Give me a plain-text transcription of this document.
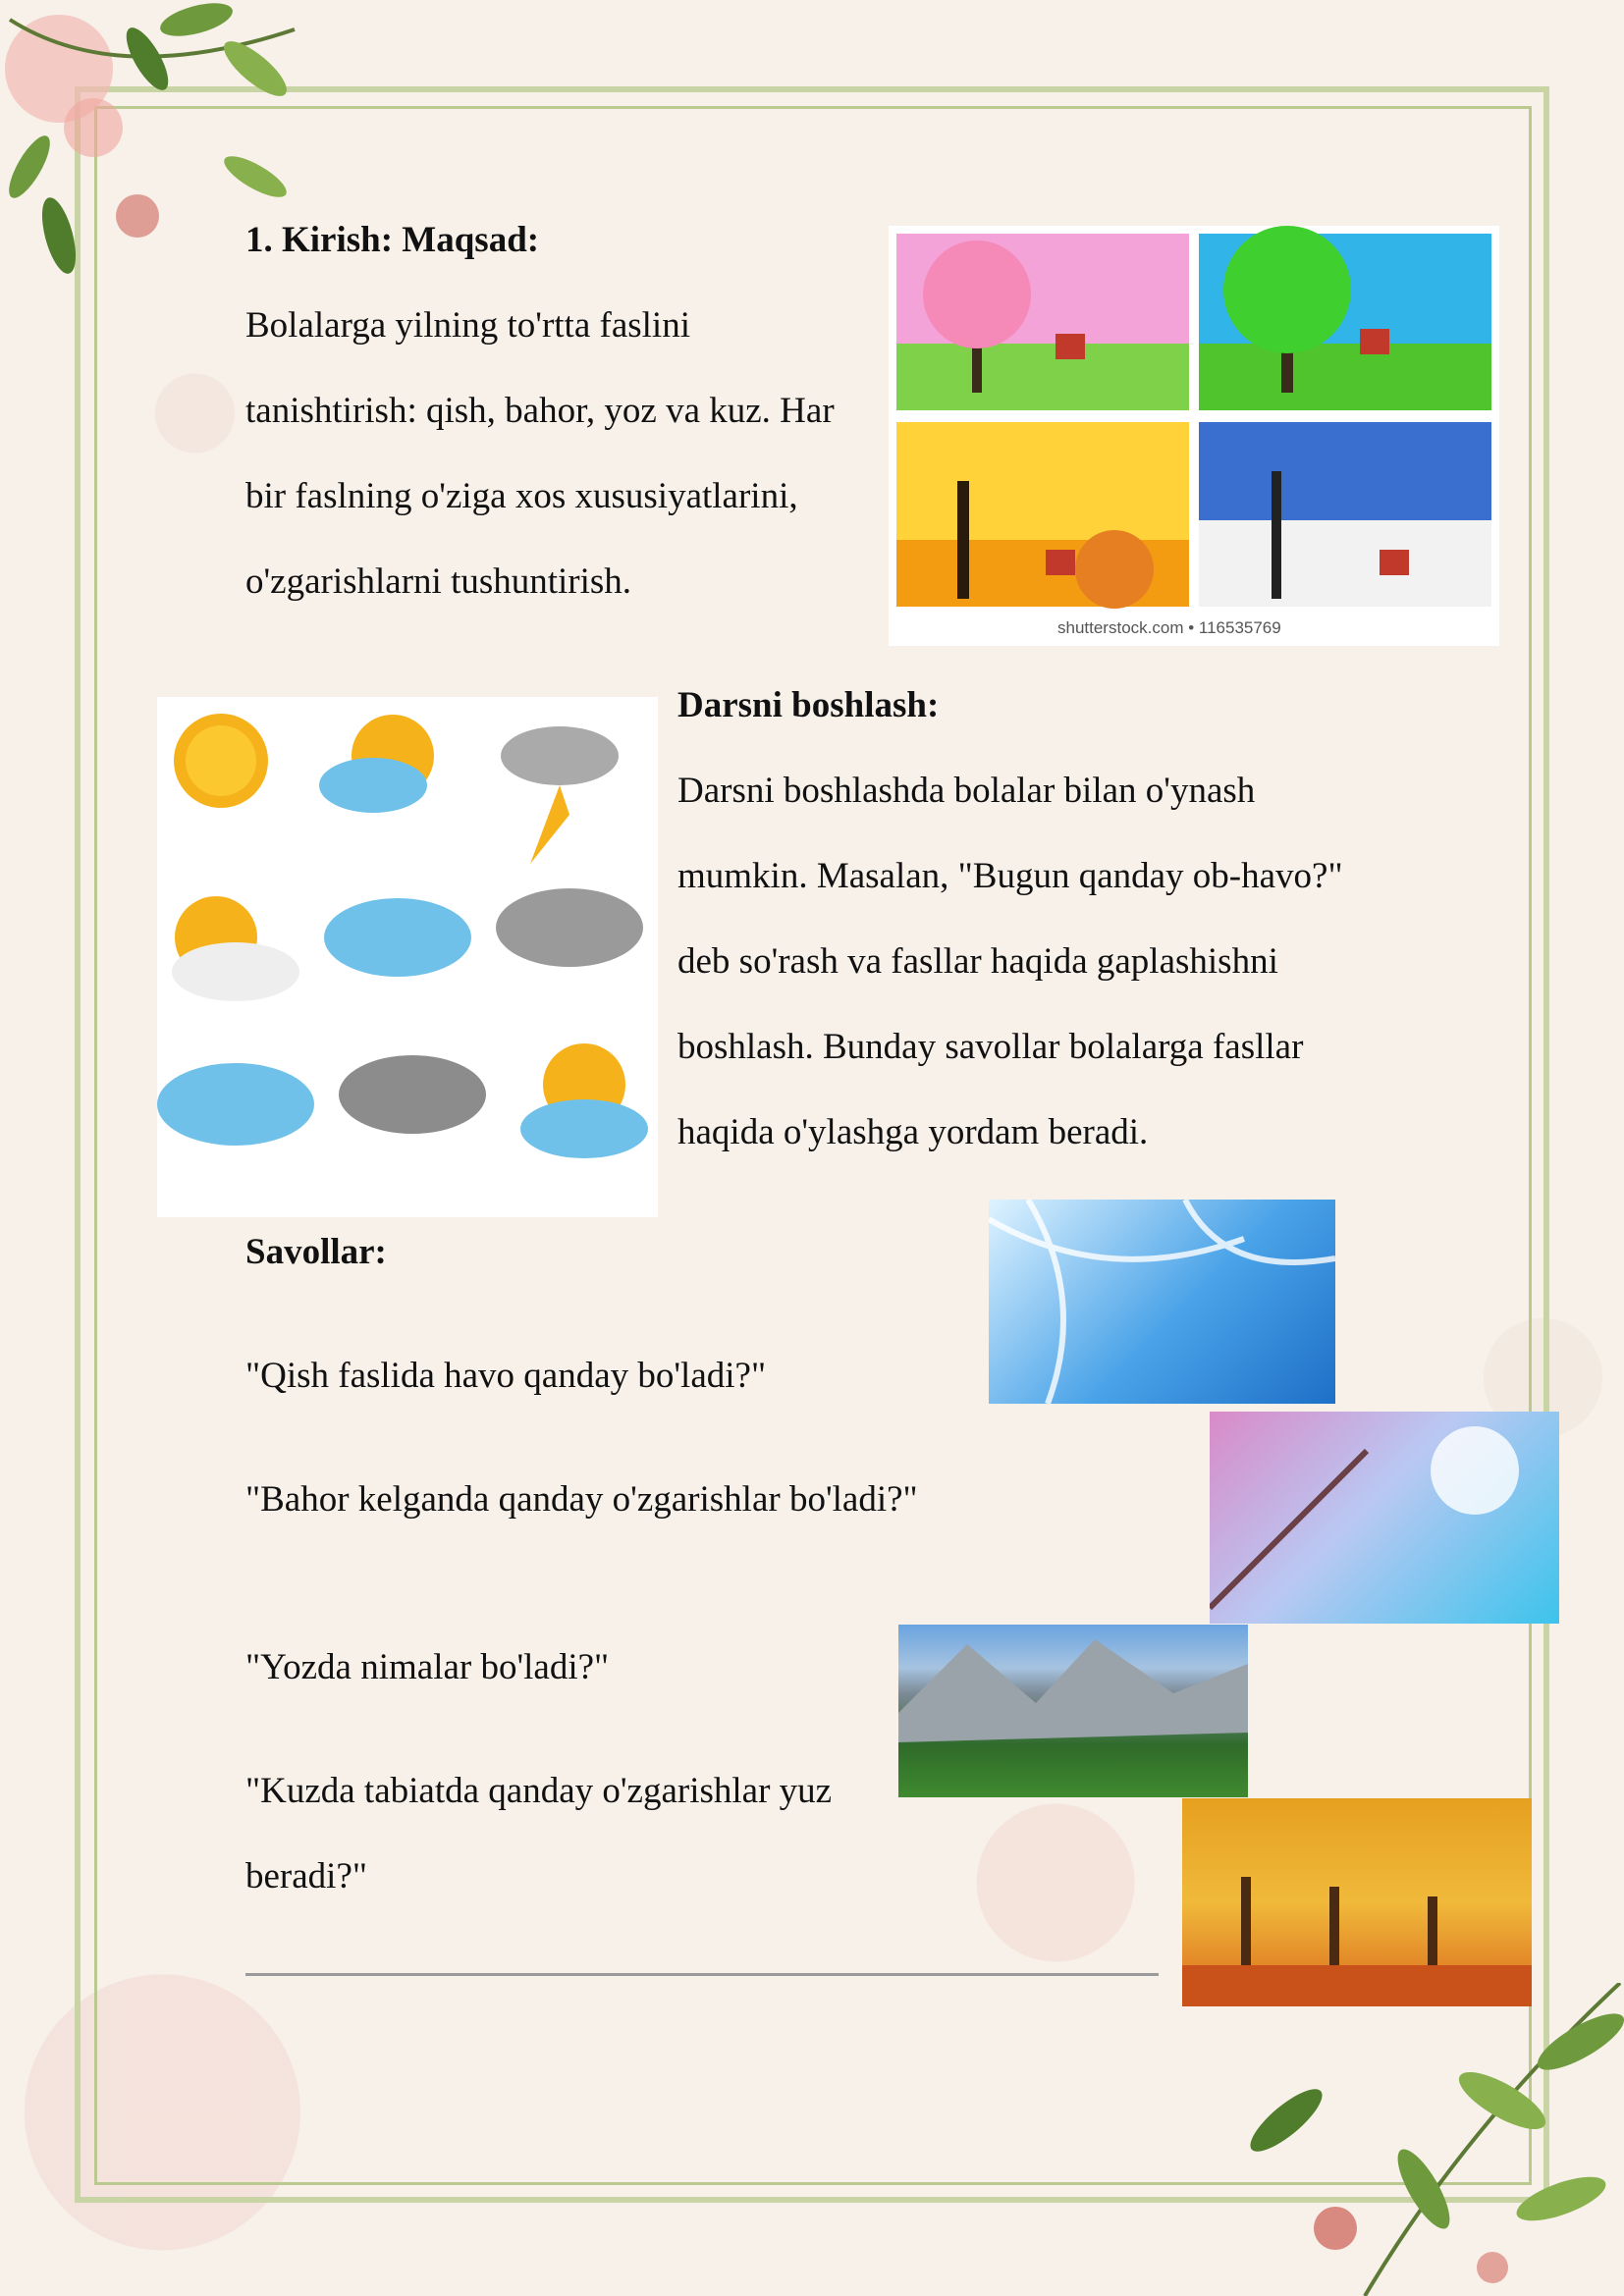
1. Kirish: Maqsad:
Bolalarga yilning to'rtta faslini
tanishtirish: qish, bahor, yoz va kuz. Har
bir faslning o'ziga xos xususiyatlarini,
o'zgarishlarni tushuntirish.
shutterstock.com • 116535769
Darsni boshlash:
Darsni boshlashda bolalar bilan o'ynash
mumkin. Masalan, "Bugun qanday ob-havo?"
deb so'rash va fasllar haqida gaplashishni
boshlash. Bunday savollar bolalarga fasllar
haqida o'ylashga yordam beradi.
Savollar:
"Qish faslida havo qanday bo'ladi?"
"Bahor kelganda qanday o'zgarishlar bo'ladi?"
"Yozda nimalar bo'ladi?"
"Kuzda tabiatda qanday o'zgarishlar yuz
beradi?"
